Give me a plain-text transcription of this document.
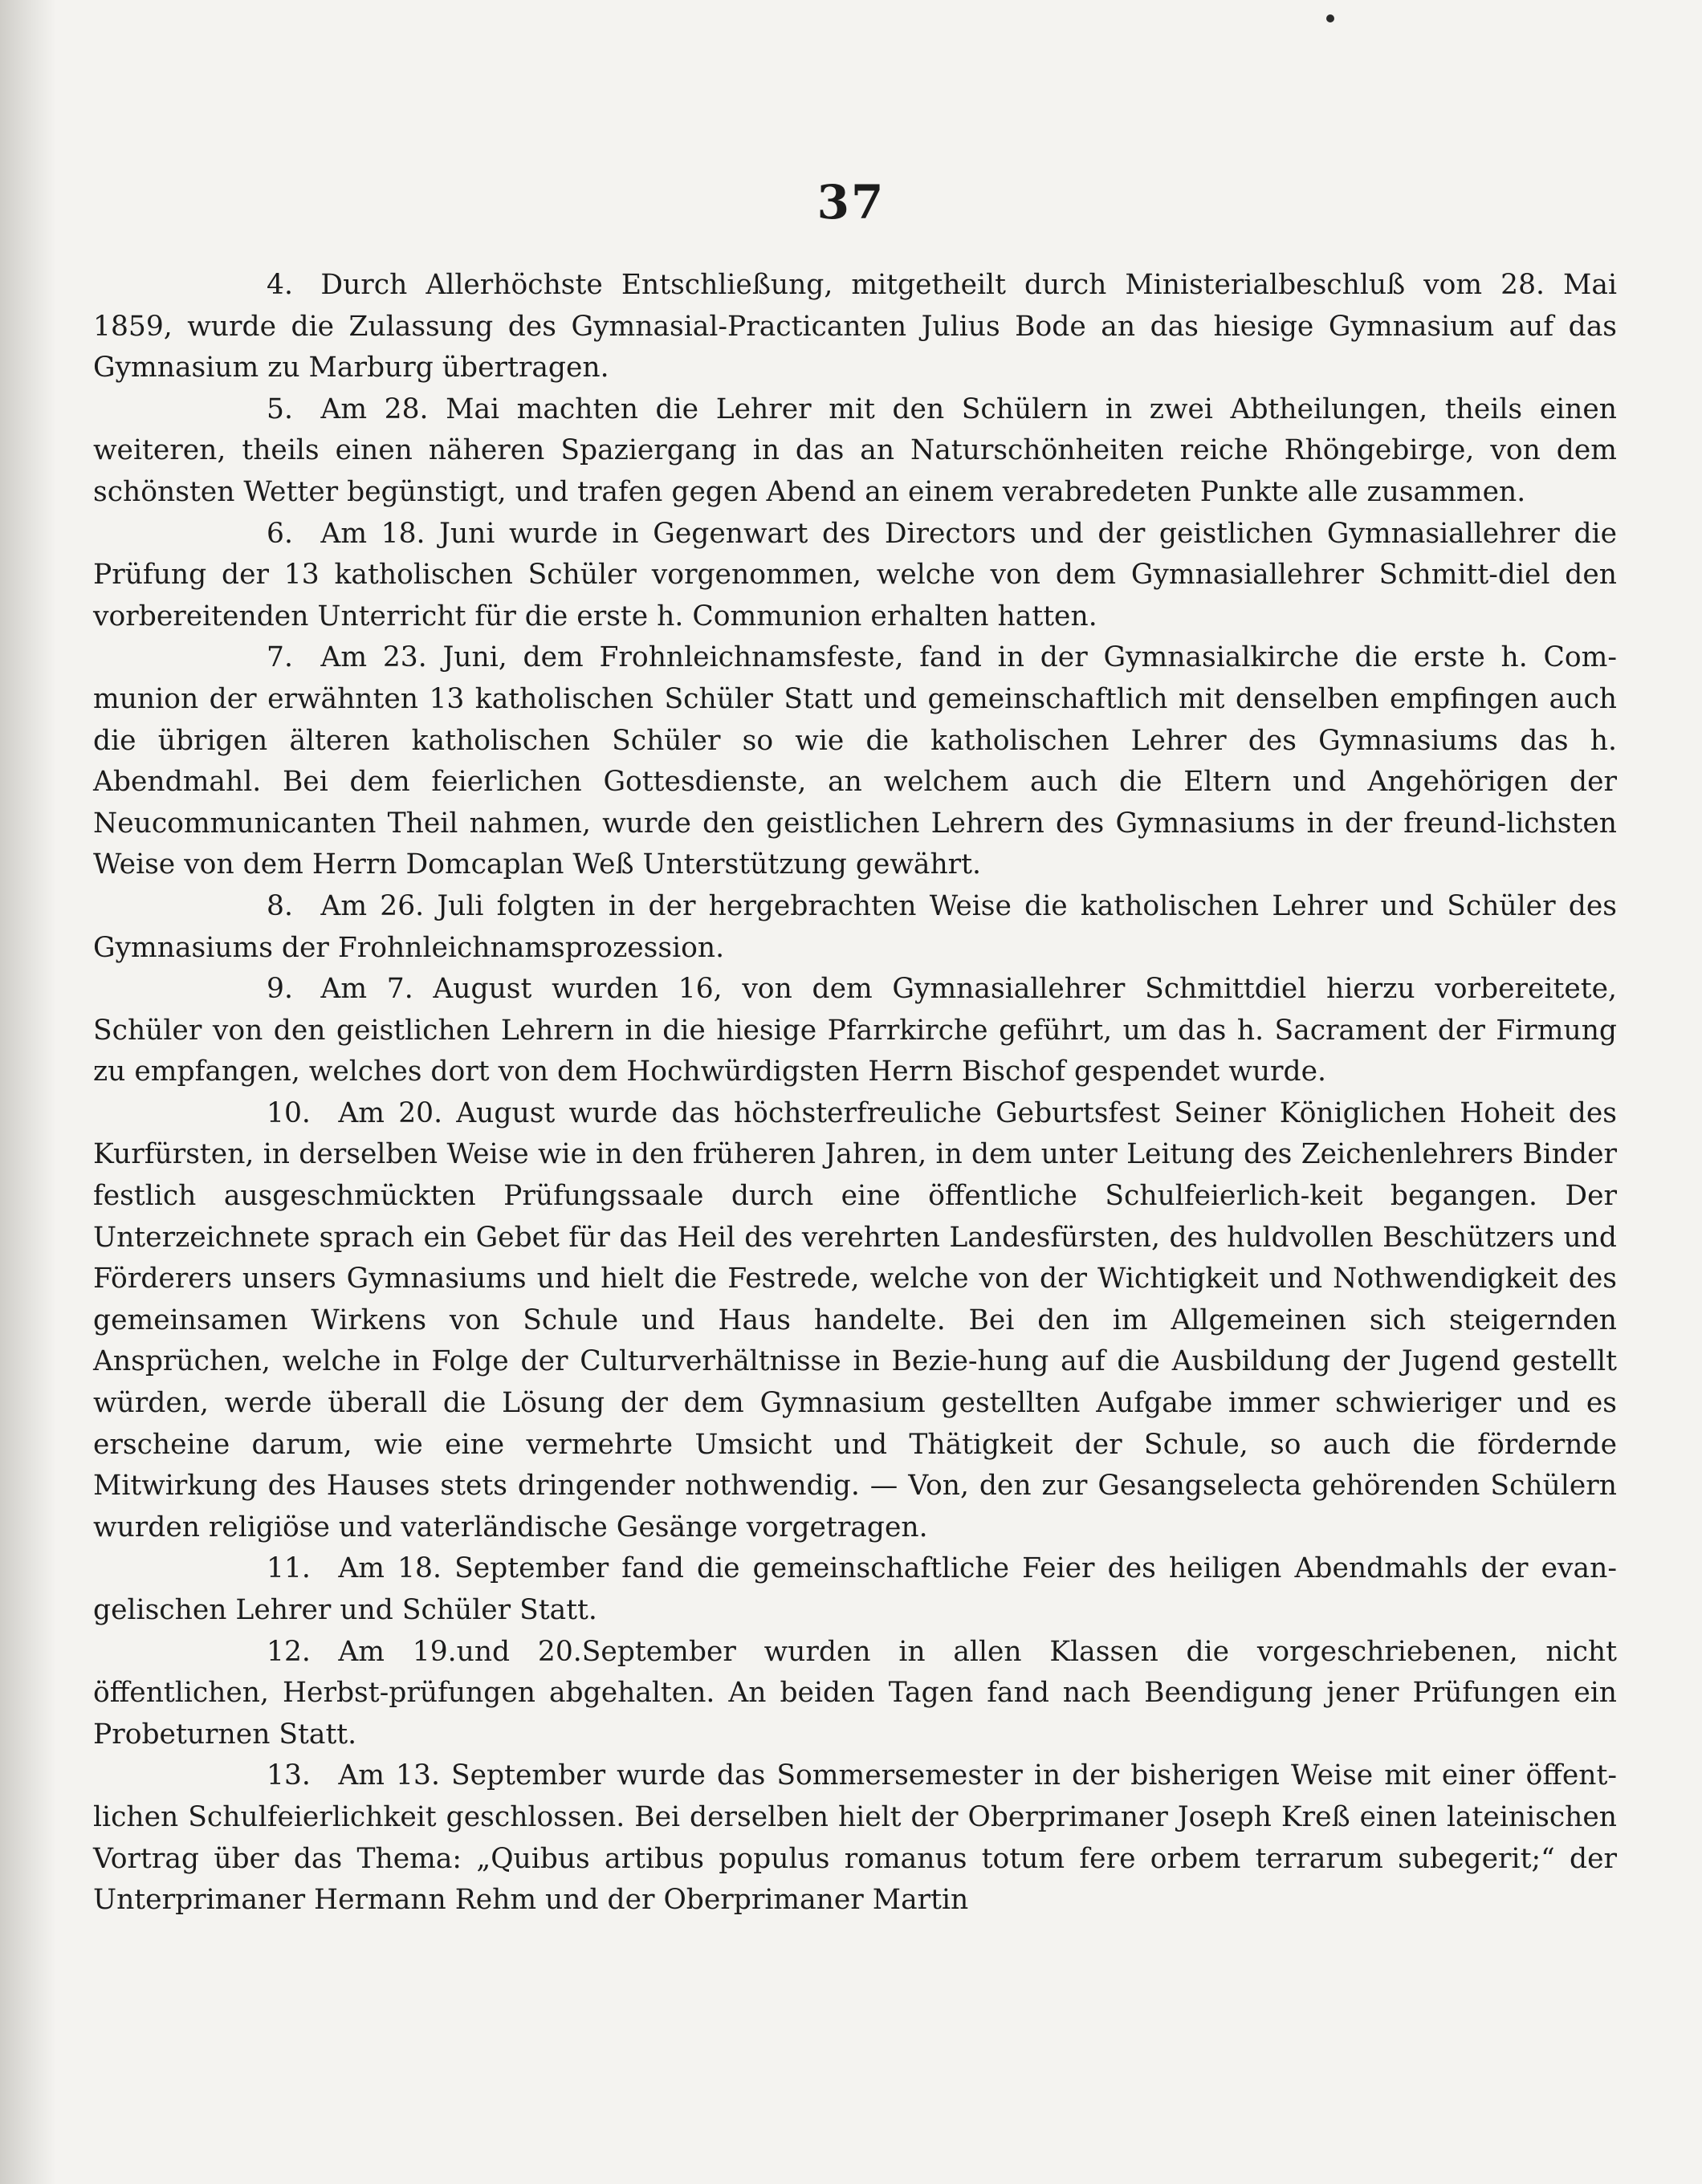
37

4.  Durch Allerhöchste Entschließung, mitgetheilt durch Ministerialbeschluß vom 28. Mai 1859, wurde die Zulassung des Gymnasial-Practicanten Julius Bode an das hiesige Gymnasium auf das Gymnasium zu Marburg übertragen.

5.  Am 28. Mai machten die Lehrer mit den Schülern in zwei Abtheilungen, theils einen weiteren, theils einen näheren Spaziergang in das an Naturschönheiten reiche Rhöngebirge, von dem schönsten Wetter begünstigt, und trafen gegen Abend an einem verabredeten Punkte alle zusammen.

6.  Am 18. Juni wurde in Gegenwart des Directors und der geistlichen Gymnasiallehrer die Prüfung der 13 katholischen Schüler vorgenommen, welche von dem Gymnasiallehrer Schmitt-diel den vorbereitenden Unterricht für die erste h. Communion erhalten hatten.

7.  Am 23. Juni, dem Frohnleichnamsfeste, fand in der Gymnasialkirche die erste h. Com-munion der erwähnten 13 katholischen Schüler Statt und gemeinschaftlich mit denselben empfingen auch die übrigen älteren katholischen Schüler so wie die katholischen Lehrer des Gymnasiums das h. Abendmahl. Bei dem feierlichen Gottesdienste, an welchem auch die Eltern und Angehörigen der Neucommunicanten Theil nahmen, wurde den geistlichen Lehrern des Gymnasiums in der freund-lichsten Weise von dem Herrn Domcaplan Weß Unterstützung gewährt.

8.  Am 26. Juli folgten in der hergebrachten Weise die katholischen Lehrer und Schüler des Gymnasiums der Frohnleichnamsprozession.

9.  Am 7. August wurden 16, von dem Gymnasiallehrer Schmittdiel hierzu vorbereitete, Schüler von den geistlichen Lehrern in die hiesige Pfarrkirche geführt, um das h. Sacrament der Firmung zu empfangen, welches dort von dem Hochwürdigsten Herrn Bischof gespendet wurde.

10.  Am 20. August wurde das höchsterfreuliche Geburtsfest Seiner Königlichen Hoheit des Kurfürsten, in derselben Weise wie in den früheren Jahren, in dem unter Leitung des Zeichenlehrers Binder festlich ausgeschmückten Prüfungssaale durch eine öffentliche Schulfeierlich-keit begangen. Der Unterzeichnete sprach ein Gebet für das Heil des verehrten Landesfürsten, des huldvollen Beschützers und Förderers unsers Gymnasiums und hielt die Festrede, welche von der Wichtigkeit und Nothwendigkeit des gemeinsamen Wirkens von Schule und Haus handelte. Bei den im Allgemeinen sich steigernden Ansprüchen, welche in Folge der Culturverhältnisse in Bezie-hung auf die Ausbildung der Jugend gestellt würden, werde überall die Lösung der dem Gymnasium gestellten Aufgabe immer schwieriger und es erscheine darum, wie eine vermehrte Umsicht und Thätigkeit der Schule, so auch die fördernde Mitwirkung des Hauses stets dringender nothwendig. — Von, den zur Gesangselecta gehörenden Schülern wurden religiöse und vaterländische Gesänge vorgetragen.

11.  Am 18. September fand die gemeinschaftliche Feier des heiligen Abendmahls der evan-gelischen Lehrer und Schüler Statt.

12.  Am 19.und 20.September wurden in allen Klassen die vorgeschriebenen, nicht öffentlichen, Herbst-prüfungen abgehalten. An beiden Tagen fand nach Beendigung jener Prüfungen ein Probeturnen Statt.

13.  Am 13. September wurde das Sommersemester in der bisherigen Weise mit einer öffent-lichen Schulfeierlichkeit geschlossen. Bei derselben hielt der Oberprimaner Joseph Kreß einen lateinischen Vortrag über das Thema: „Quibus artibus populus romanus totum fere orbem terrarum subegerit;“ der Unterprimaner Hermann Rehm und der Oberprimaner Martin
